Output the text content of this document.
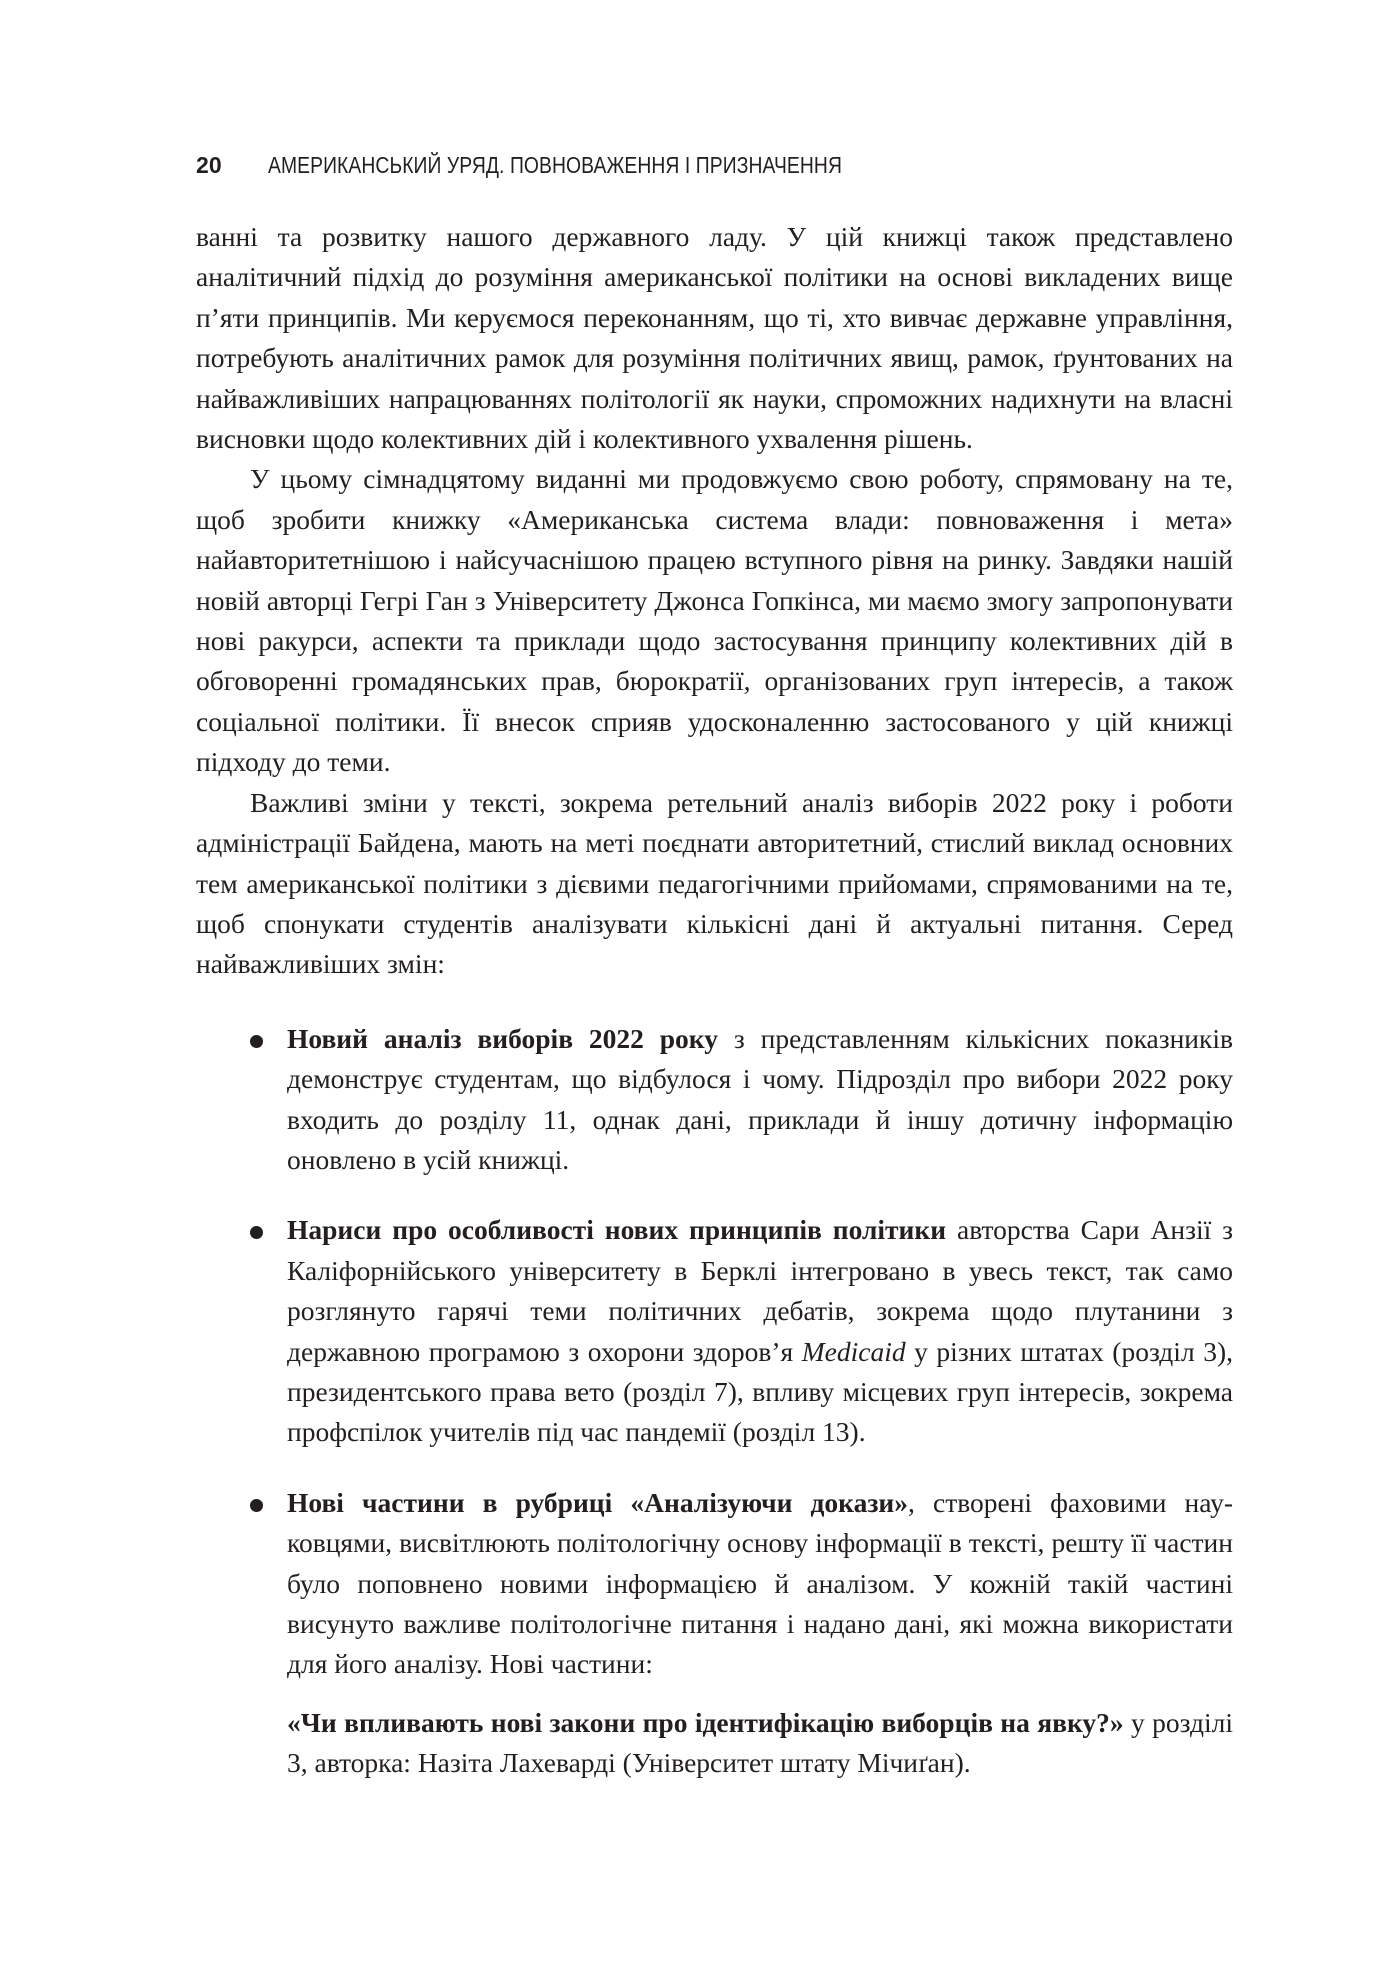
20 АМЕРИКАНСЬКИЙ УРЯД. ПОВНОВАЖЕННЯ І ПРИЗНАЧЕННЯ

ванні та розвитку нашого державного ладу. У цій книжці також представлено аналітичний підхід до розуміння американської політики на основі викладених вище п’яти принципів. Ми керуємося переконанням, що ті, хто вивчає державне управління, потребують аналітичних рамок для розуміння політичних явищ, рамок, ґрунтованих на найважливіших напрацюваннях політології як науки, спроможних надихнути на власні висновки щодо колективних дій і колективного ухвалення рішень.

У цьому сімнадцятому виданні ми продовжуємо свою роботу, спрямовану на те, щоб зробити книжку «Американська система влади: повноваження і мета» найавторитетнішою і найсучаснішою працею вступного рівня на ринку. Завдяки нашій новій авторці Гегрі Ган з Університету Джонса Гопкінса, ми маємо змогу запропонувати нові ракурси, аспекти та приклади щодо застосування принципу колективних дій в обговоренні громадянських прав, бюрократії, організованих груп інтересів, а також соціальної політики. Її внесок сприяв удосконаленню застосованого у цій книжці підходу до теми.

Важливі зміни у тексті, зокрема ретельний аналіз виборів 2022 року і роботи адміністрації Байдена, мають на меті поєднати авторитетний, стислий виклад основних тем американської політики з дієвими педагогічними прийомами, спрямованими на те, щоб спонукати студентів аналізувати кількісні дані й актуальні питання. Серед найважливіших змін:

Новий аналіз виборів 2022 року з представленням кількісних показників демонструє студентам, що відбулося і чому. Підрозділ про вибори 2022 року входить до розділу 11, однак дані, приклади й іншу дотичну інформацію оновлено в усій книжці.
Нариси про особливості нових принципів політики авторства Сари Анзії з Каліфорнійського університету в Берклі інтегровано в увесь текст, так само розглянуто гарячі теми політичних дебатів, зокрема щодо плутанини з державною програмою з охорони здоров’я Medicaid у різних штатах (розділ 3), президентського права вето (розділ 7), впливу місцевих груп інтересів, зокрема профспілок учителів під час пандемії (розділ 13).
Нові частини в рубриці «Аналізуючи докази», створені фаховими науковцями, висвітлюють політологічну основу інформації в тексті, решту її частин було поповнено новими інформацією й аналізом. У кожній такій частині висунуто важливе політологічне питання і надано дані, які можна використати для його аналізу. Нові частини:
«Чи впливають нові закони про ідентифікацію виборців на явку?» у розділі 3, авторка: Назіта Лахеварді (Університет штату Мічиґан).
